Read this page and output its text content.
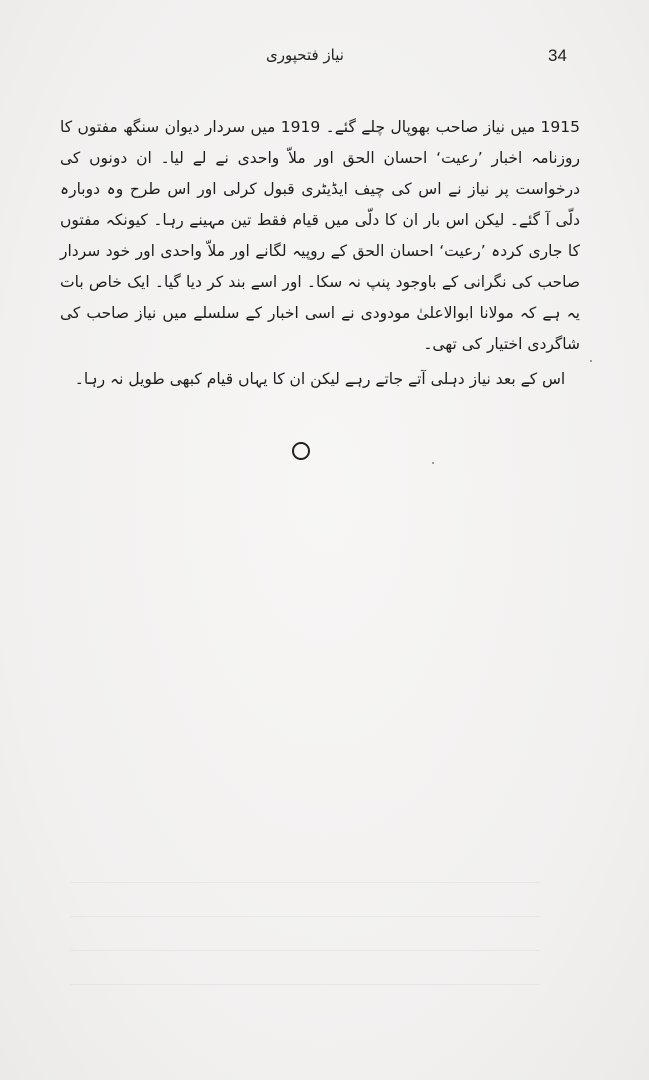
34
نیاز فتحپوری

1915 میں نیاز صاحب بھوپال چلے گئے۔ 1919 میں سردار دیوان سنگھ مفتوں کا روزنامہ اخبار ’رعیت‘ احسان الحق اور ملاّ واحدی نے لے لیا۔ ان دونوں کی درخواست پر نیاز نے اس کی چیف ایڈیٹری قبول کرلی اور اس طرح وہ دوبارہ دلّی آ گئے۔ لیکن اس بار ان کا دلّی میں قیام فقط تین مہینے رہا۔ کیونکہ مفتوں کا جاری کردہ ’رعیت‘ احسان الحق کے روپیہ لگانے اور ملاّ واحدی اور خود سردار صاحب کی نگرانی کے باوجود پنپ نہ سکا۔ اور اسے بند کر دیا گیا۔ ایک خاص بات یہ ہے کہ مولانا ابوالاعلیٰ مودودی نے اسی اخبار کے سلسلے میں نیاز صاحب کی شاگردی اختیار کی تھی۔

اس کے بعد نیاز دہلی آتے جاتے رہے لیکن ان کا یہاں قیام کبھی طویل نہ رہا۔
